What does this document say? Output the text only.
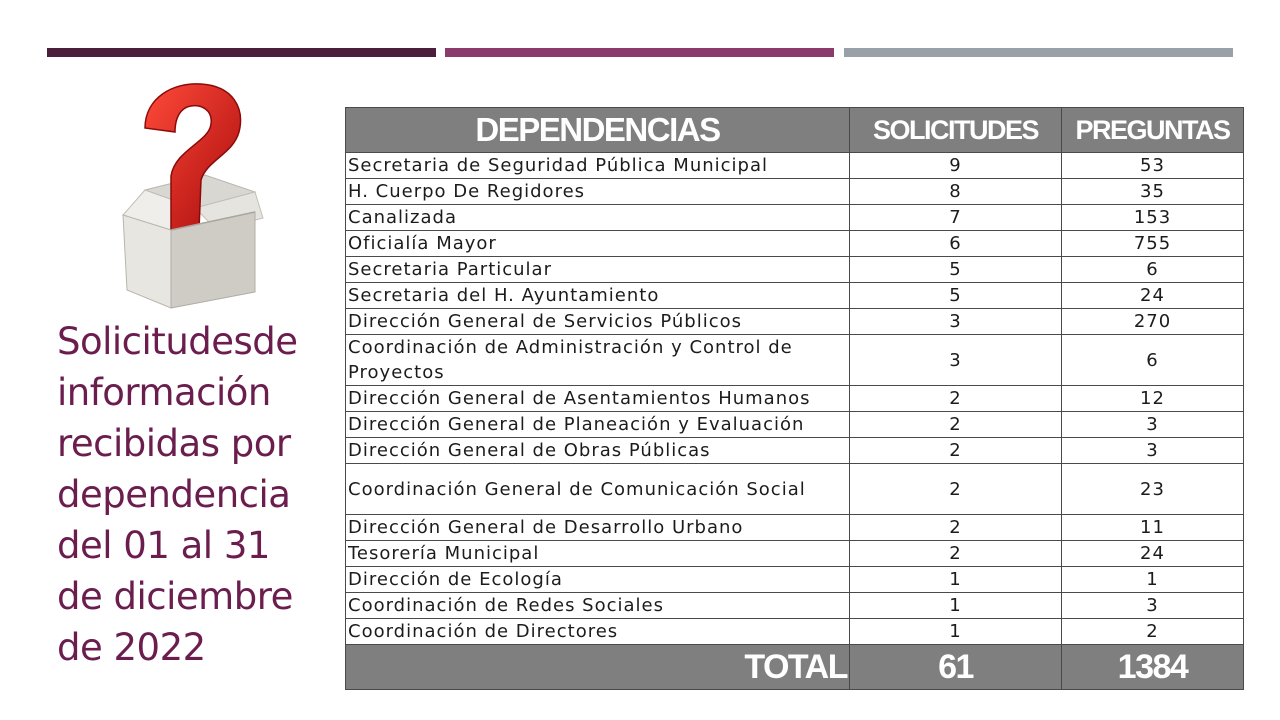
Solicitudesde
información
recibidas por
dependencia
del 01 al 31
de diciembre
de 2022
DEPENDENCIAS	SOLICITUDES	PREGUNTAS
Secretaria de Seguridad Pública Municipal	9	53
H. Cuerpo De Regidores	8	35
Canalizada	7	153
Oficialía Mayor	6	755
Secretaria Particular	5	6
Secretaria del H. Ayuntamiento	5	24
Dirección General de Servicios Públicos	3	270
Coordinación de Administración y Control de Proyectos	3	6
Dirección General de Asentamientos Humanos	2	12
Dirección General de Planeación y Evaluación	2	3
Dirección General de Obras Públicas	2	3
Coordinación General de Comunicación Social	2	23
Dirección General de Desarrollo Urbano	2	11
Tesorería Municipal	2	24
Dirección de Ecología	1	1
Coordinación de Redes Sociales	1	3
Coordinación de Directores	1	2
TOTAL	61	1384
